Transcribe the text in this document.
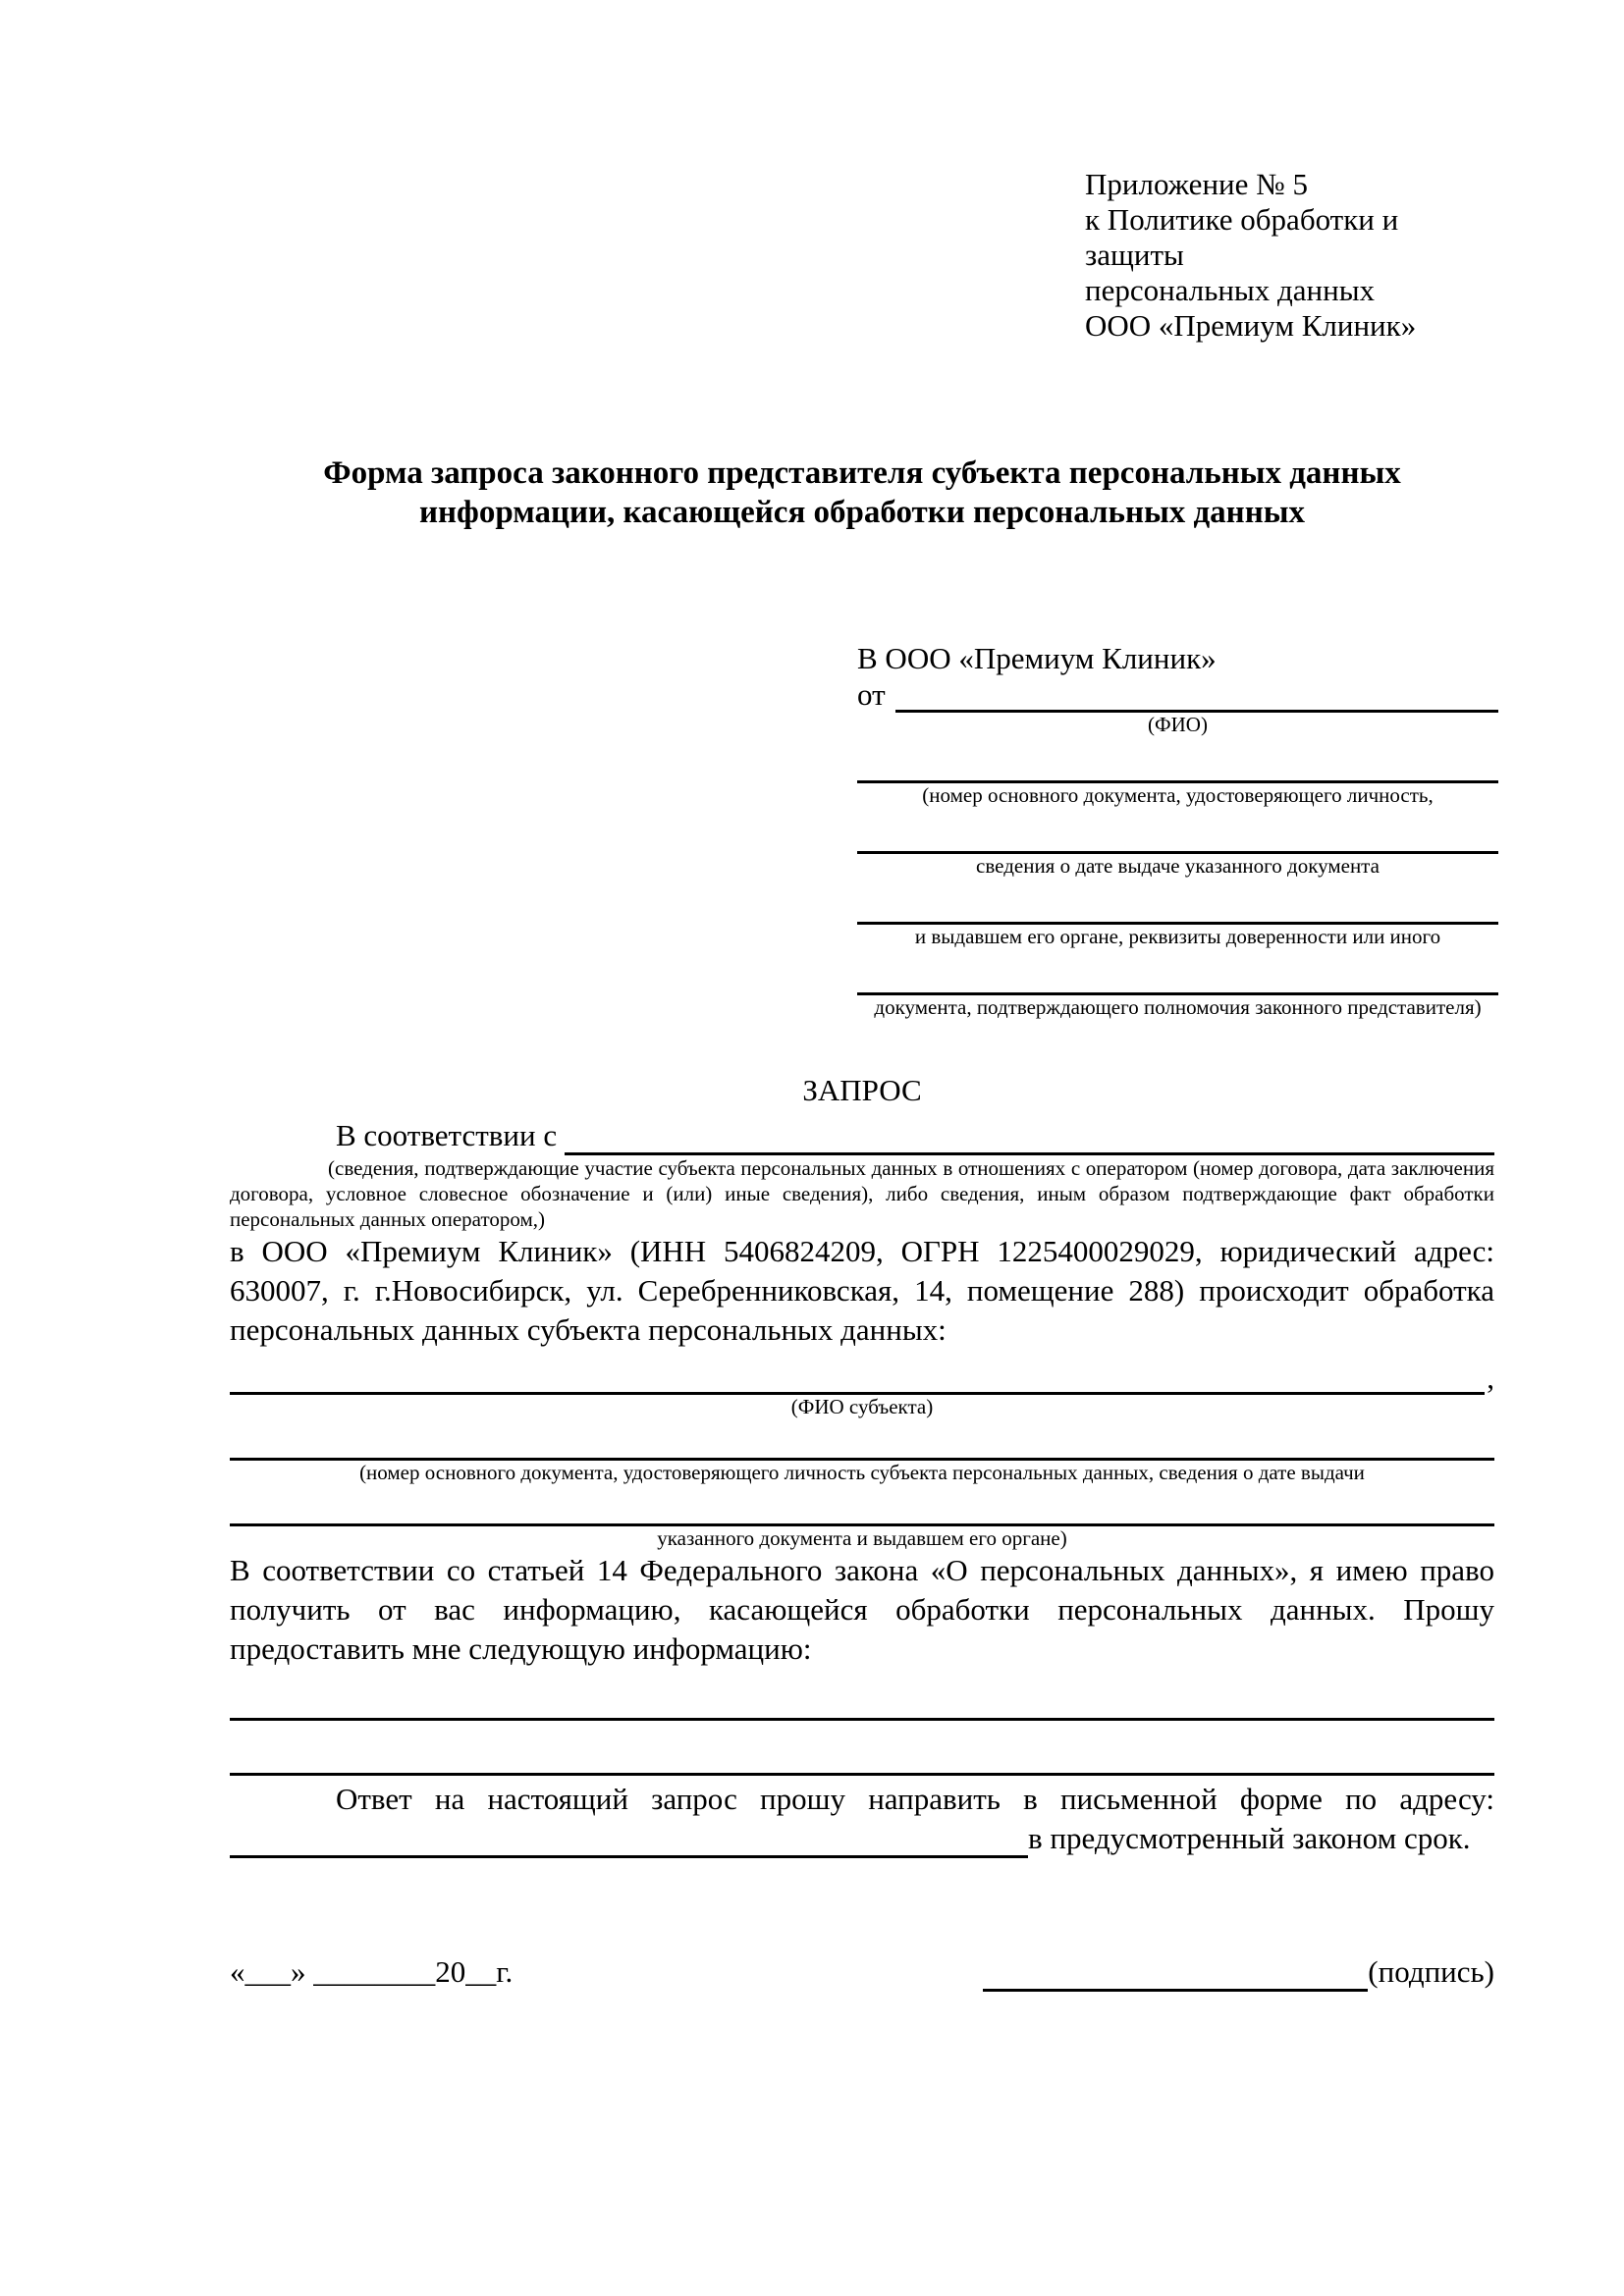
Приложение № 5
к Политике обработки и защиты
персональных данных
ООО «Премиум Клиник»
Форма запроса законного представителя субъекта персональных данных информации, касающейся обработки персональных данных
В ООО «Премиум Клиник»
от
(ФИО)
(номер основного документа, удостоверяющего личность,
сведения о дате выдаче указанного документа
и выдавшем его органе, реквизиты доверенности или иного
документа, подтверждающего полномочия законного представителя)
ЗАПРОС
В соответствии с
(сведения, подтверждающие участие субъекта персональных данных в отношениях с оператором (номер договора, дата заключения договора, условное словесное обозначение и (или) иные сведения), либо сведения, иным образом подтверждающие факт обработки персональных данных оператором,)

в ООО «Премиум Клиник» (ИНН 5406824209, ОГРН 1225400029029, юридический адрес: 630007, г. г.Новосибирск, ул. Серебренниковская, 14, помещение 288) происходит обработка персональных данных субъекта персональных данных:

,
(ФИО субъекта)
(номер основного документа, удостоверяющего личность субъекта персональных данных, сведения о дате выдачи
указанного документа и выдавшем его органе)

В соответствии со статьей 14 Федерального закона «О персональных данных», я имею право получить от вас информацию, касающейся обработки персональных данных. Прошу предоставить мне следующую информацию:

Ответ на настоящий запрос прошу направить в письменной форме по адресу:
в предусмотренный законом срок.
«___» ________20__г.	(подпись)
